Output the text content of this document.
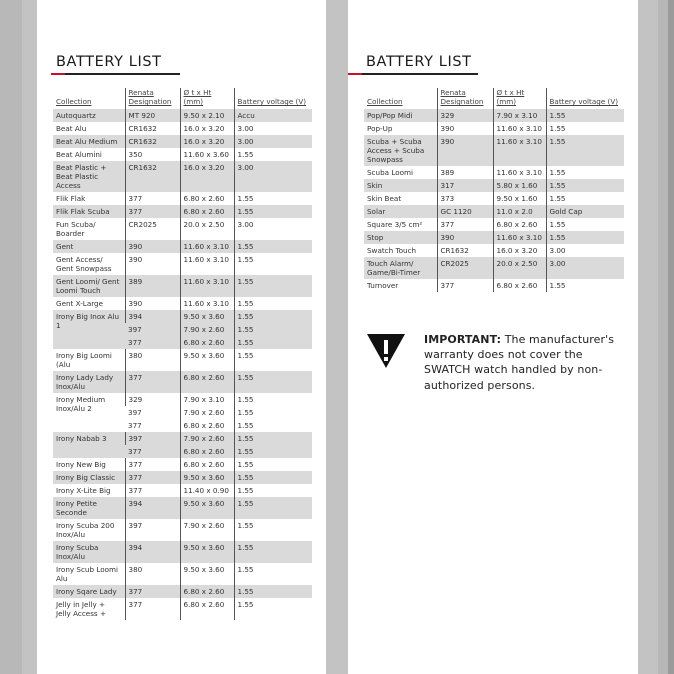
BATTERY LIST
Collection	Renata Designation	Ø t x Ht (mm)	Battery voltage (V)
Autoquartz	MT 920	9.50 x 2.10	Accu
Beat Alu	CR1632	16.0 x 3.20	3.00
Beat Alu Medium	CR1632	16.0 x 3.20	3.00
Beat Alumini	350	11.60 x 3.60	1.55
Beat Plastic + Beat Plastic Access	CR1632	16.0 x 3.20	3.00
Flik Flak	377	6.80 x 2.60	1.55
Flik Flak Scuba	377	6.80 x 2.60	1.55
Fun Scuba/ Boarder	CR2025	20.0 x 2.50	3.00
Gent	390	11.60 x 3.10	1.55
Gent Access/ Gent Snowpass	390	11.60 x 3.10	1.55
Gent Loomi/ Gent Loomi Touch	389	11.60 x 3.10	1.55
Gent X-Large	390	11.60 x 3.10	1.55
Irony Big Inox Alu 1	394	9.50 x 3.60	1.55
	397	7.90 x 2.60	1.55
	377	6.80 x 2.60	1.55
Irony Big Loomi (Alu	380	9.50 x 3.60	1.55
Irony Lady Lady Inox/Alu	377	6.80 x 2.60	1.55
Irony Medium Inox/Alu 2	329	7.90 x 3.10	1.55
	397	7.90 x 2.60	1.55
	377	6.80 x 2.60	1.55
Irony Nabab 3	397	7.90 x 2.60	1.55
	377	6.80 x 2.60	1.55
Irony New Big	377	6.80 x 2.60	1.55
Irony Big Classic	377	9.50 x 3.60	1.55
Irony X-Lite Big	377	11.40 x 0.90	1.55
Irony Petite Seconde	394	9.50 x 3.60	1.55
Irony Scuba 200 Inox/Alu	397	7.90 x 2.60	1.55
Irony Scuba Inox/Alu	394	9.50 x 3.60	1.55
Irony Scub Loomi Alu	380	9.50 x 3.60	1.55
Irony Sqare Lady	377	6.80 x 2.60	1.55
Jelly in Jelly + Jelly Access +	377	6.80 x 2.60	1.55
BATTERY LIST
Collection	Renata Designation	Ø t x Ht (mm)	Battery voltage (V)
Pop/Pop Midi	329	7.90 x 3.10	1.55
Pop-Up	390	11.60 x 3.10	1.55
Scuba + Scuba Access + Scuba Snowpass	390	11.60 x 3.10	1.55
Scuba Loomi	389	11.60 x 3.10	1.55
Skin	317	5.80 x 1.60	1.55
Skin Beat	373	9.50 x 1.60	1.55
Solar	GC 1120	11.0 x 2.0	Gold Cap
Square 3/5 cm²	377	6.80 x 2.60	1.55
Stop	390	11.60 x 3.10	1.55
Swatch Touch	CR1632	16.0 x 3.20	3.00
Touch Alarm/ Game/Bi-Timer	CR2025	20.0 x 2.50	3.00
Turnover	377	6.80 x 2.60	1.55

IMPORTANT: The manufacturer's warranty does not cover the SWATCH watch handled by non-authorized persons.
